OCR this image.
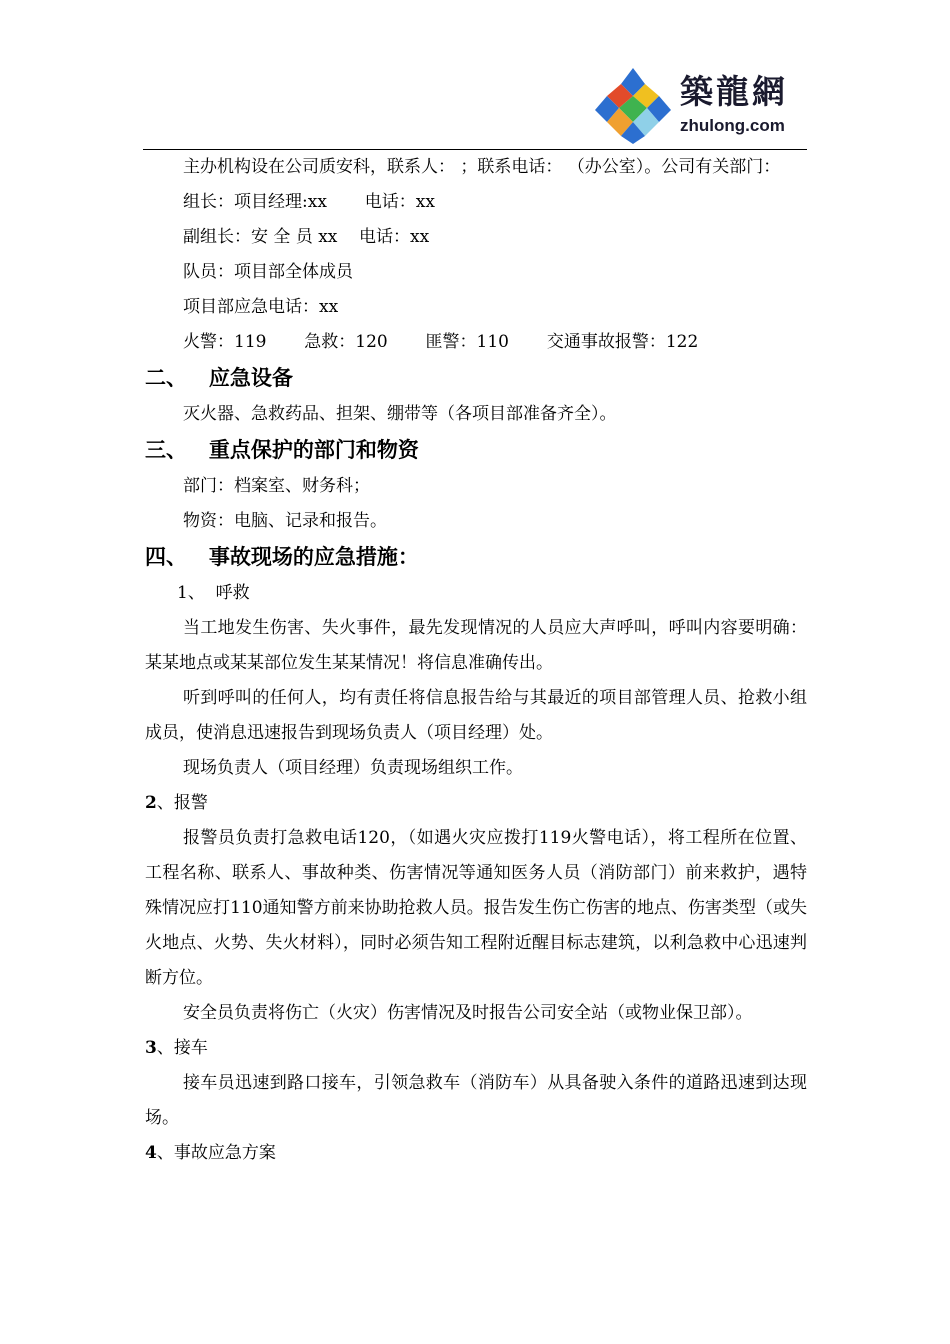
築龍網
zhulong.com

主办机构设在公司质安科，联系人： ；联系电话： （办公室）。公司有关部门：

组长：项目经理:xx       电话：xx

副组长：安 全 员 xx    电话：xx

队员：项目部全体成员

项目部应急电话：xx

火警：119       急救：120       匪警：110       交通事故报警：122

二、   应急设备

灭火器、急救药品、担架、绷带等（各项目部准备齐全）。

三、   重点保护的部门和物资

部门：档案室、财务科；

物资：电脑、记录和报告。

四、   事故现场的应急措施：

1、  呼救

当工地发生伤害、失火事件，最先发现情况的人员应大声呼叫，呼叫内容要明确：某某地点或某某部位发生某某情况！将信息准确传出。

听到呼叫的任何人，均有责任将信息报告给与其最近的项目部管理人员、抢救小组成员，使消息迅速报告到现场负责人（项目经理）处。

现场负责人（项目经理）负责现场组织工作。

2、报警

报警员负责打急救电话120，（如遇火灾应拨打119火警电话），将工程所在位置、工程名称、联系人、事故种类、伤害情况等通知医务人员（消防部门）前来救护，遇特殊情况应打110通知警方前来协助抢救人员。报告发生伤亡伤害的地点、伤害类型（或失火地点、火势、失火材料），同时必须告知工程附近醒目标志建筑，以利急救中心迅速判断方位。

安全员负责将伤亡（火灾）伤害情况及时报告公司安全站（或物业保卫部）。

3、接车

接车员迅速到路口接车，引领急救车（消防车）从具备驶入条件的道路迅速到达现场。

4、事故应急方案
